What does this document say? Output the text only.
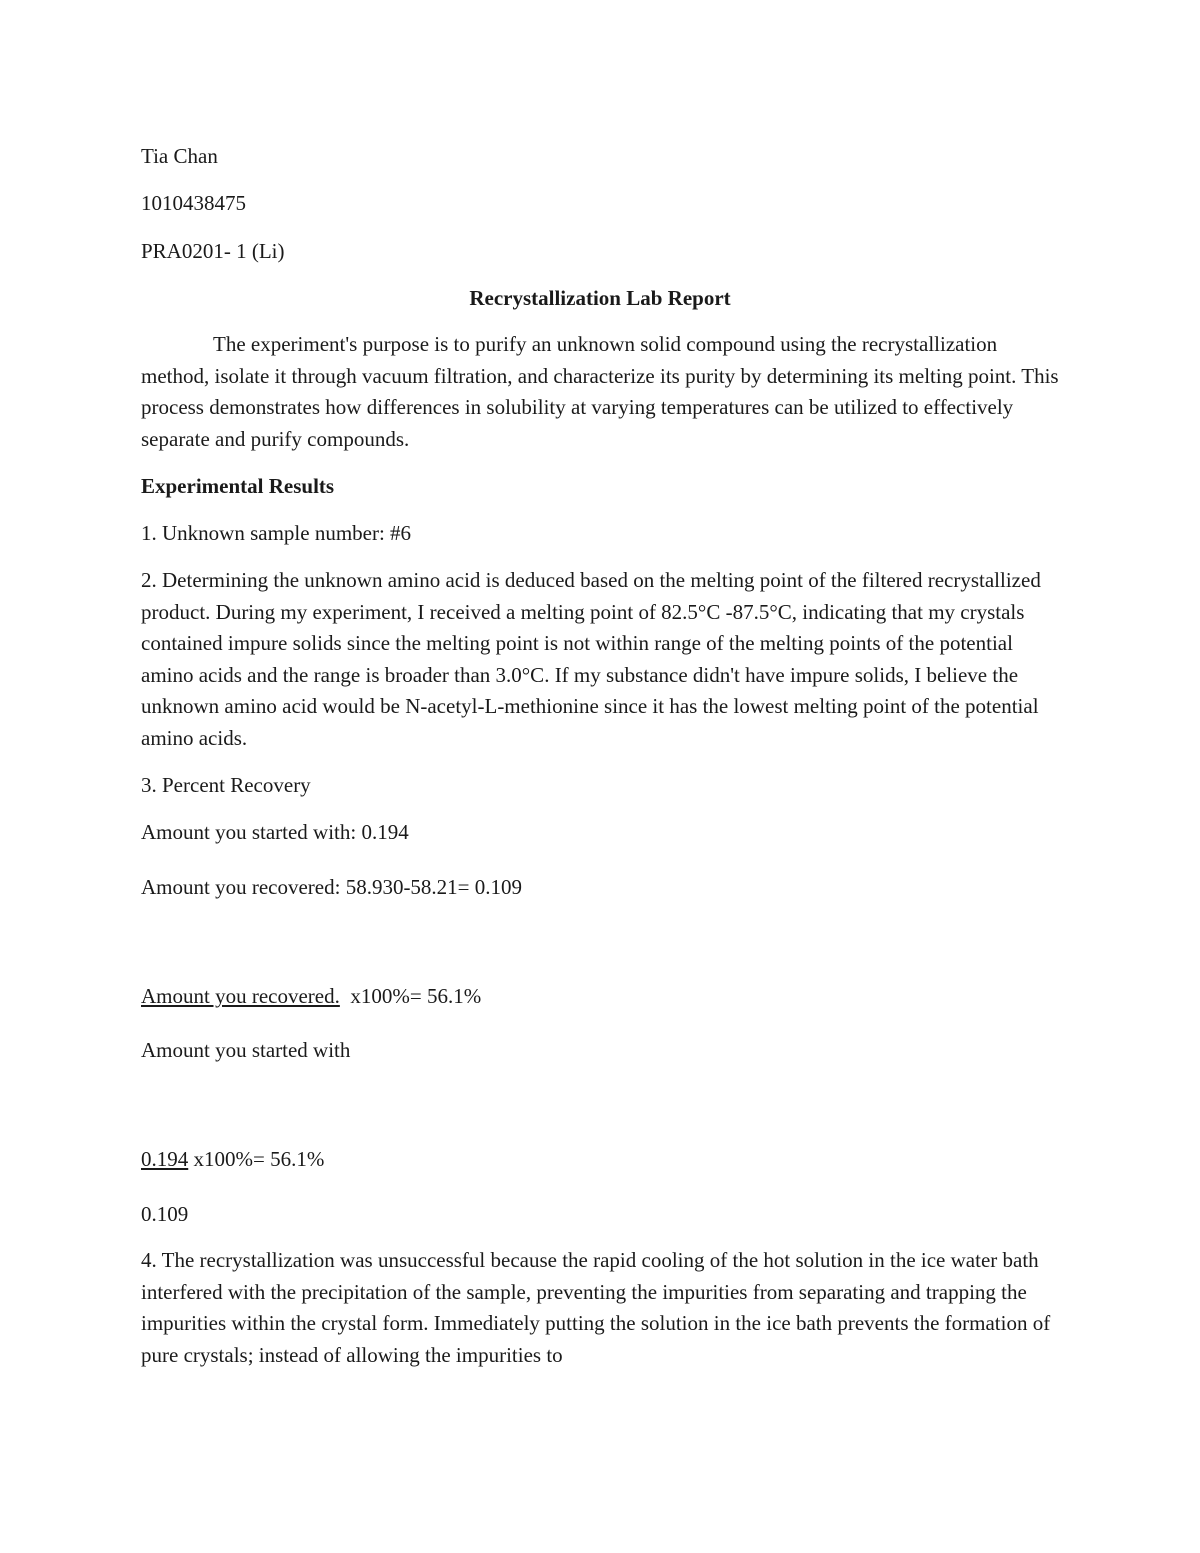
Tia Chan
1010438475
PRA0201- 1 (Li)
Recrystallization Lab Report

The experiment's purpose is to purify an unknown solid compound using the recrystallization method, isolate it through vacuum filtration, and characterize its purity by determining its melting point. This process demonstrates how differences in solubility at varying temperatures can be utilized to effectively separate and purify compounds.

Experimental Results
1. Unknown sample number: #6

2. Determining the unknown amino acid is deduced based on the melting point of the filtered recrystallized product. During my experiment, I received a melting point of 82.5°C -87.5°C, indicating that my crystals contained impure solids since the melting point is not within range of the melting points of the potential amino acids and the range is broader than 3.0°C. If my substance didn't have impure solids, I believe the unknown amino acid would be N-acetyl-L-methionine since it has the lowest melting point of the potential amino acids.

3. Percent Recovery
Amount you started with: 0.194
Amount you recovered: 58.930-58.21= 0.109
Amount you recovered.  x100%= 56.1%
Amount you started with
0.194 x100%= 56.1%
0.109

4. The recrystallization was unsuccessful because the rapid cooling of the hot solution in the ice water bath interfered with the precipitation of the sample, preventing the impurities from separating and trapping the impurities within the crystal form. Immediately putting the solution in the ice bath prevents the formation of pure crystals; instead of allowing the impurities to
